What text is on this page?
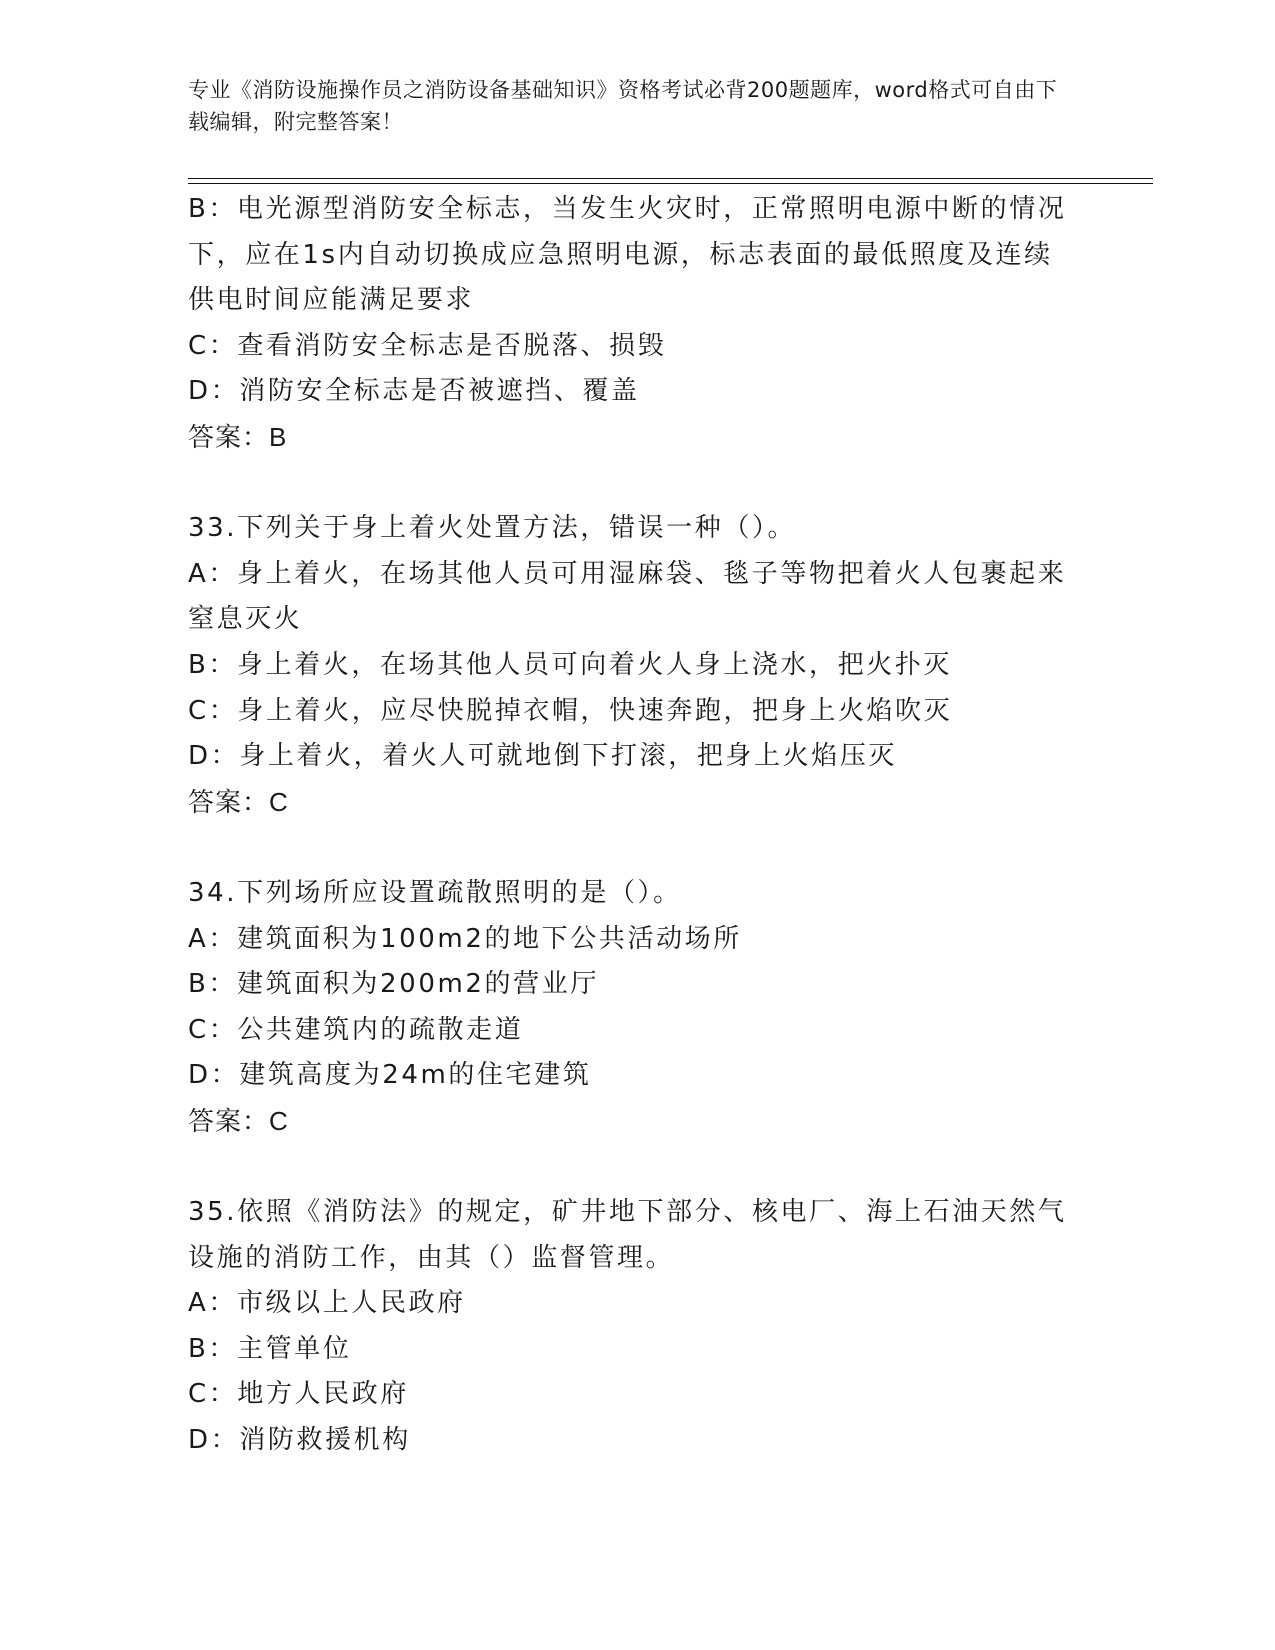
专业《消防设施操作员之消防设备基础知识》资格考试必背200题题库，word格式可自由下载编辑，附完整答案！
B：电光源型消防安全标志，当发生火灾时，正常照明电源中断的情况下，应在1s内自动切换成应急照明电源，标志表面的最低照度及连续供电时间应能满足要求
C：查看消防安全标志是否脱落、损毁
D：消防安全标志是否被遮挡、覆盖
答案：B
33.下列关于身上着火处置方法，错误一种（）。
A：身上着火，在场其他人员可用湿麻袋、毯子等物把着火人包裹起来窒息灭火
B：身上着火，在场其他人员可向着火人身上浇水，把火扑灭
C：身上着火，应尽快脱掉衣帽，快速奔跑，把身上火焰吹灭
D：身上着火，着火人可就地倒下打滚，把身上火焰压灭
答案：C
34.下列场所应设置疏散照明的是（）。
A：建筑面积为100m2的地下公共活动场所
B：建筑面积为200m2的营业厅
C：公共建筑内的疏散走道
D：建筑高度为24m的住宅建筑
答案：C
35.依照《消防法》的规定，矿井地下部分、核电厂、海上石油天然气设施的消防工作，由其（）监督管理。
A：市级以上人民政府
B：主管单位
C：地方人民政府
D：消防救援机构
